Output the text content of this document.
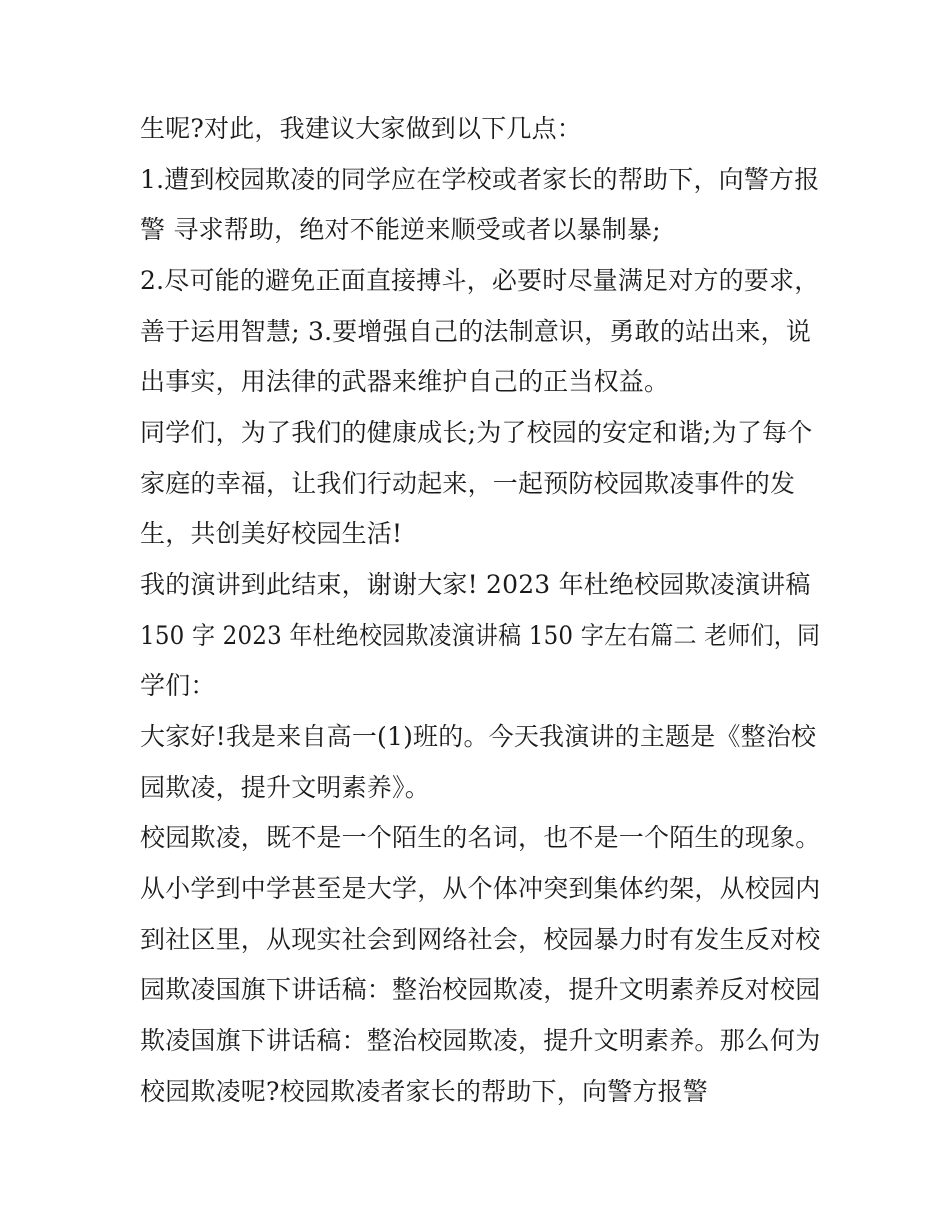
生呢?对此，我建议大家做到以下几点：
1.遭到校园欺凌的同学应在学校或者家长的帮助下，向警方报
警 寻求帮助，绝对不能逆来顺受或者以暴制暴;
2.尽可能的避免正面直接搏斗，必要时尽量满足对方的要求，
善于运用智慧; 3.要增强自己的法制意识，勇敢的站出来，说
出事实，用法律的武器来维护自己的正当权益。
同学们，为了我们的健康成长;为了校园的安定和谐;为了每个
家庭的幸福，让我们行动起来，一起预防校园欺凌事件的发
生，共创美好校园生活!
我的演讲到此结束，谢谢大家! 2023 年杜绝校园欺凌演讲稿
150 字 2023 年杜绝校园欺凌演讲稿 150 字左右篇二 老师们，同
学们：
大家好!我是来自高一(1)班的。今天我演讲的主题是《整治校
园欺凌，提升文明素养》。
校园欺凌，既不是一个陌生的名词，也不是一个陌生的现象。
从小学到中学甚至是大学，从个体冲突到集体约架，从校园内
到社区里，从现实社会到网络社会，校园暴力时有发生反对校
园欺凌国旗下讲话稿：整治校园欺凌，提升文明素养反对校园
欺凌国旗下讲话稿：整治校园欺凌，提升文明素养。那么何为
校园欺凌呢?校园欺凌者家长的帮助下，向警方报警
